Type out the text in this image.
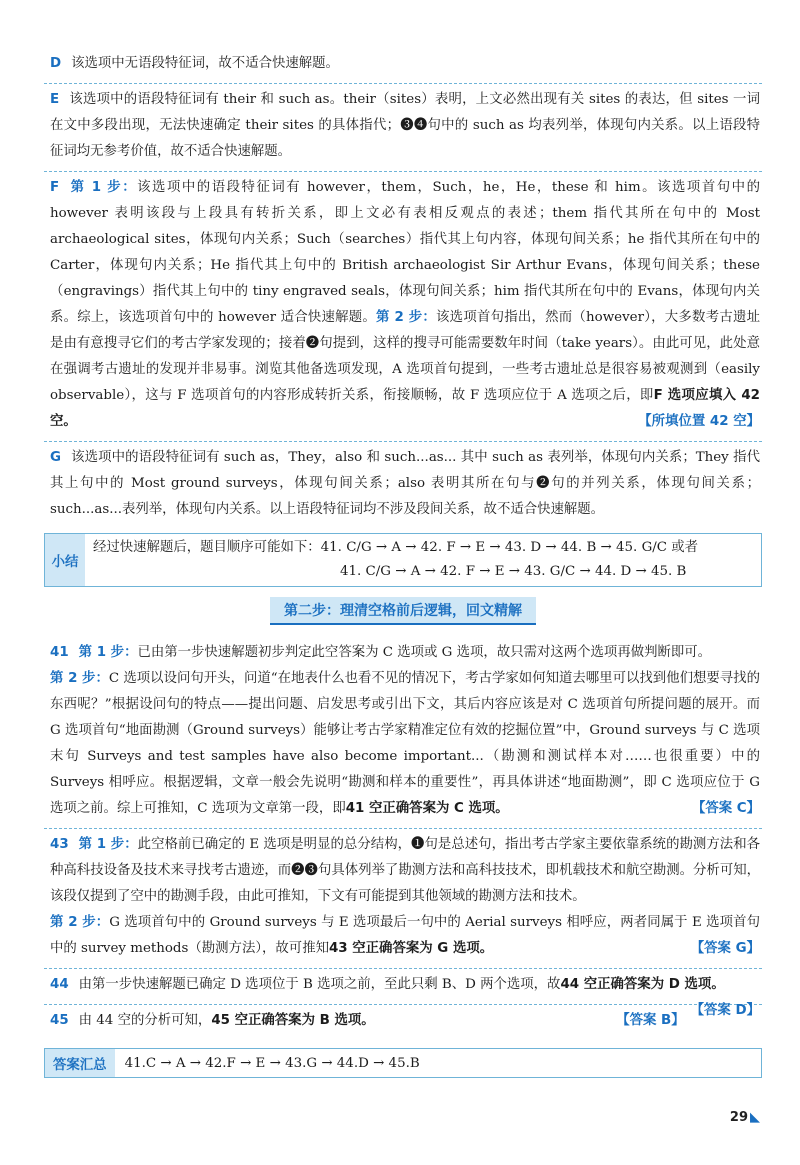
D 该选项中无语段特征词，故不适合快速解题。
E 该选项中的语段特征词有 their 和 such as。their（sites）表明，上文必然出现有关 sites 的表达，但 sites 一词在文中多段出现，无法快速确定 their sites 的具体指代；❸❹句中的 such as 均表列举，体现句内关系。以上语段特征词均无参考价值，故不适合快速解题。
F 第 1 步：该选项中的语段特征词有 however，them，Such，he，He，these 和 him。该选项首句中的 however 表明该段与上段具有转折关系，即上文必有表相反观点的表述；them 指代其所在句中的 Most archaeological sites，体现句内关系；Such（searches）指代其上句内容，体现句间关系；he 指代其所在句中的 Carter，体现句内关系；He 指代其上句中的 British archaeologist Sir Arthur Evans，体现句间关系；these（engravings）指代其上句中的 tiny engraved seals，体现句间关系；him 指代其所在句中的 Evans，体现句内关系。综上，该选项首句中的 however 适合快速解题。第 2 步：该选项首句指出，然而（however），大多数考古遗址是由有意搜寻它们的考古学家发现的；接着❷句提到，这样的搜寻可能需要数年时间（take years）。由此可见，此处意在强调考古遗址的发现并非易事。浏览其他备选项发现，A 选项首句提到，一些考古遗址总是很容易被观测到（easily observable），这与 F 选项首句的内容形成转折关系，衔接顺畅，故 F 选项应位于 A 选项之后，即F 选项应填入 42 空。	【所填位置 42 空】
G 该选项中的语段特征词有 such as，They，also 和 such...as... 其中 such as 表列举，体现句内关系；They 指代其上句中的 Most ground surveys，体现句间关系；also 表明其所在句与❷句的并列关系，体现句间关系；such...as...表列举，体现句内关系。以上语段特征词均不涉及段间关系，故不适合快速解题。
小结
经过快速解题后，题目顺序可能如下：41. C/G → A → 42. F → E → 43. D → 44. B → 45. G/C 或者
41. C/G → A → 42. F → E → 43. G/C → 44. D → 45. B
第二步：理清空格前后逻辑，回文精解
41 第 1 步：已由第一步快速解题初步判定此空答案为 C 选项或 G 选项，故只需对这两个选项再做判断即可。
第 2 步：C 选项以设问句开头，问道“在地表什么也看不见的情况下，考古学家如何知道去哪里可以找到他们想要寻找的东西呢？”根据设问句的特点——提出问题、启发思考或引出下文，其后内容应该是对 C 选项首句所提问题的展开。而 G 选项首句“地面勘测（Ground surveys）能够让考古学家精准定位有效的挖掘位置”中，Ground surveys 与 C 选项末句 Surveys and test samples have also become important...（勘测和测试样本对……也很重要）中的 Surveys 相呼应。根据逻辑，文章一般会先说明“勘测和样本的重要性”，再具体讲述“地面勘测”，即 C 选项应位于 G 选项之前。综上可推知，C 选项为文章第一段，即41 空正确答案为 C 选项。	【答案 C】
43 第 1 步：此空格前已确定的 E 选项是明显的总分结构，❶句是总述句，指出考古学家主要依靠系统的勘测方法和各种高科技设备及技术来寻找考古遗迹，而❷❸句具体列举了勘测方法和高科技技术，即机载技术和航空勘测。分析可知，该段仅提到了空中的勘测手段，由此可推知，下文有可能提到其他领域的勘测方法和技术。
第 2 步：G 选项首句中的 Ground surveys 与 E 选项最后一句中的 Aerial surveys 相呼应，两者同属于 E 选项首句中的 survey methods（勘测方法），故可推知43 空正确答案为 G 选项。	【答案 G】
44 由第一步快速解题已确定 D 选项位于 B 选项之前，至此只剩 B、D 两个选项，故44 空正确答案为 D 选项。
【答案 D】
45 由 44 空的分析可知，45 空正确答案为 B 选项。	【答案 B】
答案汇总	41.C → A → 42.F → E → 43.G → 44.D → 45.B
29 ◣
